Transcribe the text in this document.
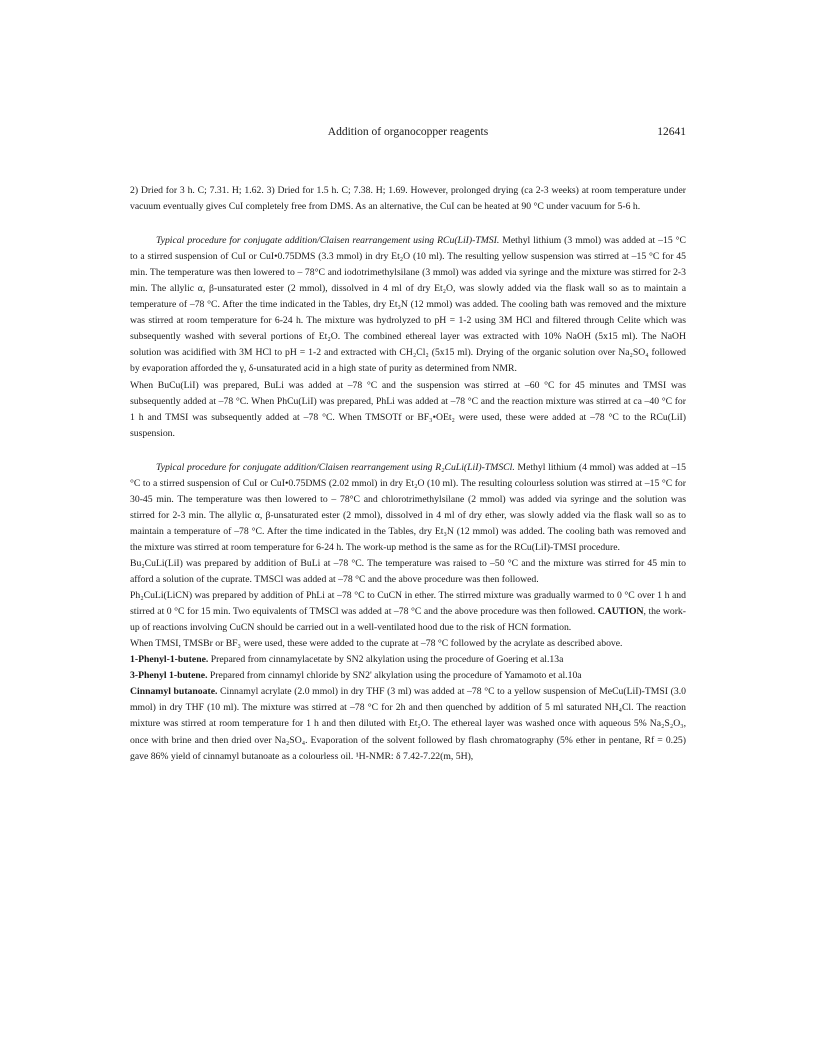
Addition of organocopper reagents	12641

2) Dried for 3 h. C; 7.31. H; 1.62. 3) Dried for 1.5 h. C; 7.38. H; 1.69. However, prolonged drying (ca 2-3 weeks) at room temperature under vacuum eventually gives CuI completely free from DMS. As an alternative, the CuI can be heated at 90 °C under vacuum for 5-6 h.

Typical procedure for conjugate addition/Claisen rearrangement using RCu(LiI)-TMSI. Methyl lithium (3 mmol) was added at –15 °C to a stirred suspension of CuI or CuI•0.75DMS (3.3 mmol) in dry Et₂O (10 ml). The resulting yellow suspension was stirred at –15 °C for 45 min. The temperature was then lowered to – 78°C and iodotrimethylsilane (3 mmol) was added via syringe and the mixture was stirred for 2-3 min. The allylic α, β-unsaturated ester (2 mmol), dissolved in 4 ml of dry Et₂O, was slowly added via the flask wall so as to maintain a temperature of –78 °C. After the time indicated in the Tables, dry Et₃N (12 mmol) was added. The cooling bath was removed and the mixture was stirred at room temperature for 6-24 h. The mixture was hydrolyzed to pH = 1-2 using 3M HCl and filtered through Celite which was subsequently washed with several portions of Et₂O. The combined ethereal layer was extracted with 10% NaOH (5x15 ml). The NaOH solution was acidified with 3M HCl to pH = 1-2 and extracted with CH₂Cl₂ (5x15 ml). Drying of the organic solution over Na₂SO₄ followed by evaporation afforded the γ, δ-unsaturated acid in a high state of purity as determined from NMR.

When BuCu(LiI) was prepared, BuLi was added at –78 °C and the suspension was stirred at –60 °C for 45 minutes and TMSI was subsequently added at –78 °C. When PhCu(LiI) was prepared, PhLi was added at –78 °C and the reaction mixture was stirred at ca –40 °C for 1 h and TMSI was subsequently added at –78 °C. When TMSOTf or BF₃•OEt₂ were used, these were added at –78 °C to the RCu(LiI) suspension.

Typical procedure for conjugate addition/Claisen rearrangement using R₂CuLi(LiI)-TMSCl. Methyl lithium (4 mmol) was added at –15 °C to a stirred suspension of CuI or CuI•0.75DMS (2.02 mmol) in dry Et₂O (10 ml). The resulting colourless solution was stirred at –15 °C for 30-45 min. The temperature was then lowered to – 78°C and chlorotrimethylsilane (2 mmol) was added via syringe and the solution was stirred for 2-3 min. The allylic α, β-unsaturated ester (2 mmol), dissolved in 4 ml of dry ether, was slowly added via the flask wall so as to maintain a temperature of –78 °C. After the time indicated in the Tables, dry Et₃N (12 mmol) was added. The cooling bath was removed and the mixture was stirred at room temperature for 6-24 h. The work-up method is the same as for the RCu(LiI)-TMSI procedure.

Bu₂CuLi(LiI) was prepared by addition of BuLi at –78 °C. The temperature was raised to –50 °C and the mixture was stirred for 45 min to afford a solution of the cuprate. TMSCl was added at –78 °C and the above procedure was then followed.

Ph₂CuLi(LiCN) was prepared by addition of PhLi at –78 °C to CuCN in ether. The stirred mixture was gradually warmed to 0 °C over 1 h and stirred at 0 °C for 15 min. Two equivalents of TMSCl was added at –78 °C and the above procedure was then followed. CAUTION, the work-up of reactions involving CuCN should be carried out in a well-ventilated hood due to the risk of HCN formation.

When TMSI, TMSBr or BF₃ were used, these were added to the cuprate at –78 °C followed by the acrylate as described above.

1-Phenyl-1-butene. Prepared from cinnamylacetate by SN2 alkylation using the procedure of Goering et al.13a

3-Phenyl 1-butene. Prepared from cinnamyl chloride by SN2' alkylation using the procedure of Yamamoto et al.10a

Cinnamyl butanoate. Cinnamyl acrylate (2.0 mmol) in dry THF (3 ml) was added at –78 °C to a yellow suspension of MeCu(LiI)-TMSI (3.0 mmol) in dry THF (10 ml). The mixture was stirred at –78 °C for 2h and then quenched by addition of 5 ml saturated NH₄Cl. The reaction mixture was stirred at room temperature for 1 h and then diluted with Et₂O. The ethereal layer was washed once with aqueous 5% Na₂S₂O₃, once with brine and then dried over Na₂SO₄. Evaporation of the solvent followed by flash chromatography (5% ether in pentane, Rf = 0.25) gave 86% yield of cinnamyl butanoate as a colourless oil. ¹H-NMR: δ 7.42-7.22(m, 5H),
